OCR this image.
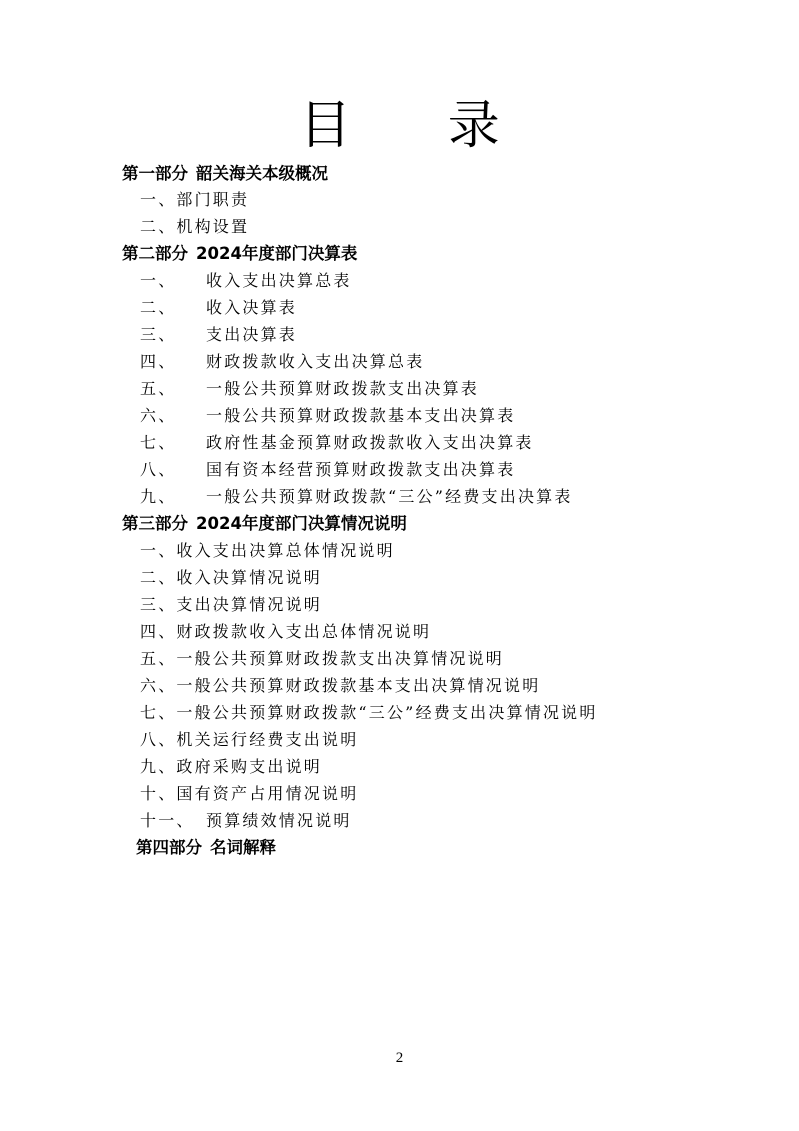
目 录
第一部分 韶关海关本级概况
一、部门职责
二、机构设置
第二部分 2024年度部门决算表
一、 收入支出决算总表
二、 收入决算表
三、 支出决算表
四、 财政拨款收入支出决算总表
五、 一般公共预算财政拨款支出决算表
六、 一般公共预算财政拨款基本支出决算表
七、 政府性基金预算财政拨款收入支出决算表
八、 国有资本经营预算财政拨款支出决算表
九、 一般公共预算财政拨款“三公”经费支出决算表
第三部分 2024年度部门决算情况说明
一、收入支出决算总体情况说明
二、收入决算情况说明
三、支出决算情况说明
四、财政拨款收入支出总体情况说明
五、一般公共预算财政拨款支出决算情况说明
六、一般公共预算财政拨款基本支出决算情况说明
七、一般公共预算财政拨款“三公”经费支出决算情况说明
八、机关运行经费支出说明
九、政府采购支出说明
十、国有资产占用情况说明
十一、 预算绩效情况说明
第四部分 名词解释
2
